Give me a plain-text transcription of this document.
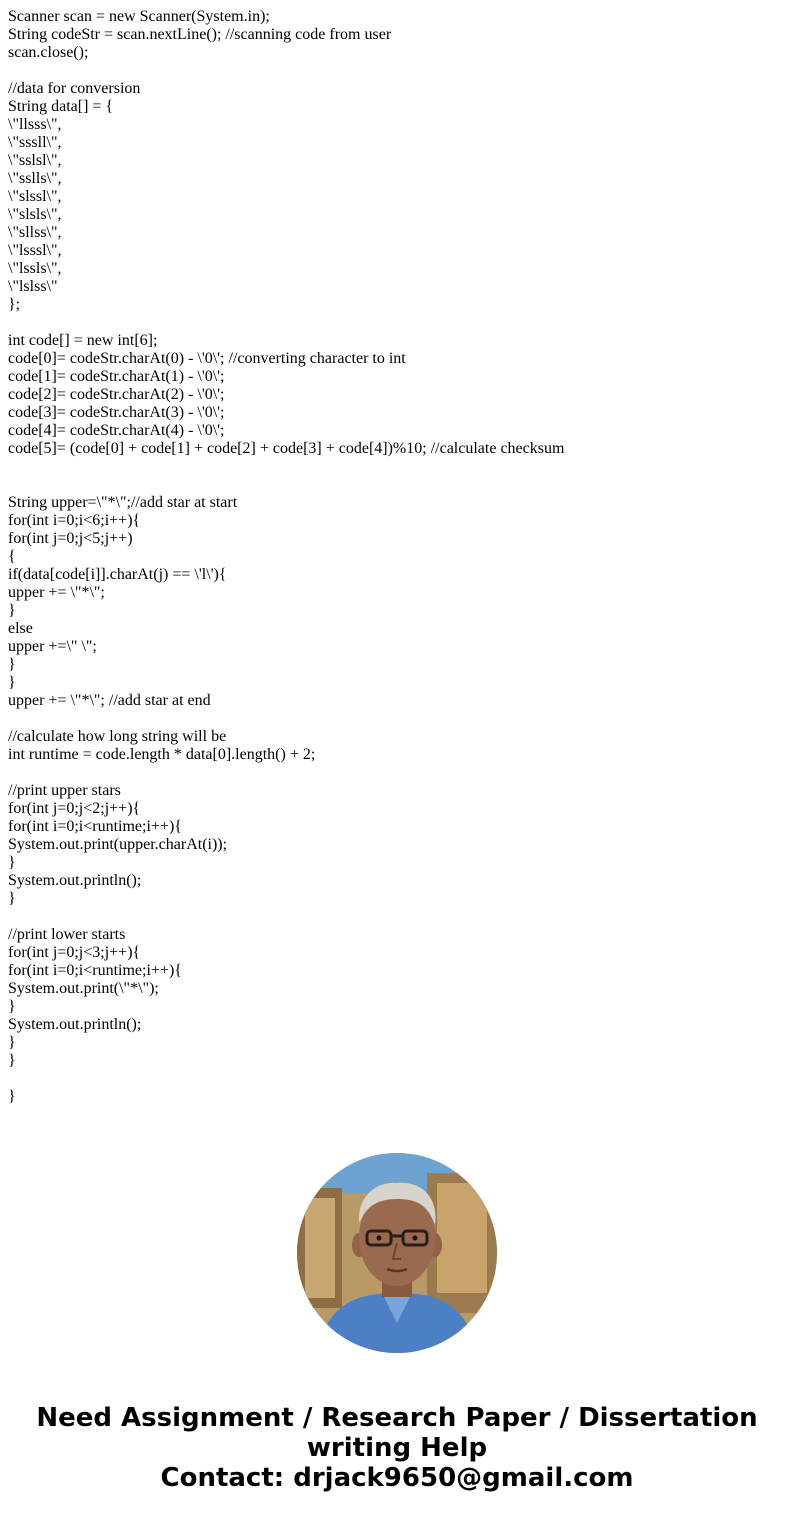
Scanner scan = new Scanner(System.in);
String codeStr = scan.nextLine(); //scanning code from user
scan.close();
//data for conversion
String data[] = {
\"llsss\",
\"sssll\",
\"sslsl\",
\"sslls\",
\"slssl\",
\"slsls\",
\"sllss\",
\"lsssl\",
\"lssls\",
\"lslss\"
};
int code[] = new int[6];
code[0]= codeStr.charAt(0) - \'0\'; //converting character to int
code[1]= codeStr.charAt(1) - \'0\';
code[2]= codeStr.charAt(2) - \'0\';
code[3]= codeStr.charAt(3) - \'0\';
code[4]= codeStr.charAt(4) - \'0\';
code[5]= (code[0] + code[1] + code[2] + code[3] + code[4])%10; //calculate checksum
String upper=\"*\";//add star at start
for(int i=0;i<6;i++){
for(int j=0;j<5;j++)
{
if(data[code[i]].charAt(j) == \'l\'){
upper += \"*\";
}
else
upper +=\" \";
}
}
upper += \"*\"; //add star at end
//calculate how long string will be
int runtime = code.length * data[0].length() + 2;
//print upper stars
for(int j=0;j<2;j++){
for(int i=0;i<runtime;i++){
System.out.print(upper.charAt(i));
}
System.out.println();
}
//print lower starts
for(int j=0;j<3;j++){
for(int i=0;i<runtime;i++){
System.out.print(\"*\");
}
System.out.println();
}
}
}
Need Assignment / Research Paper / Dissertation
writing Help
Contact: drjack9650@gmail.com
